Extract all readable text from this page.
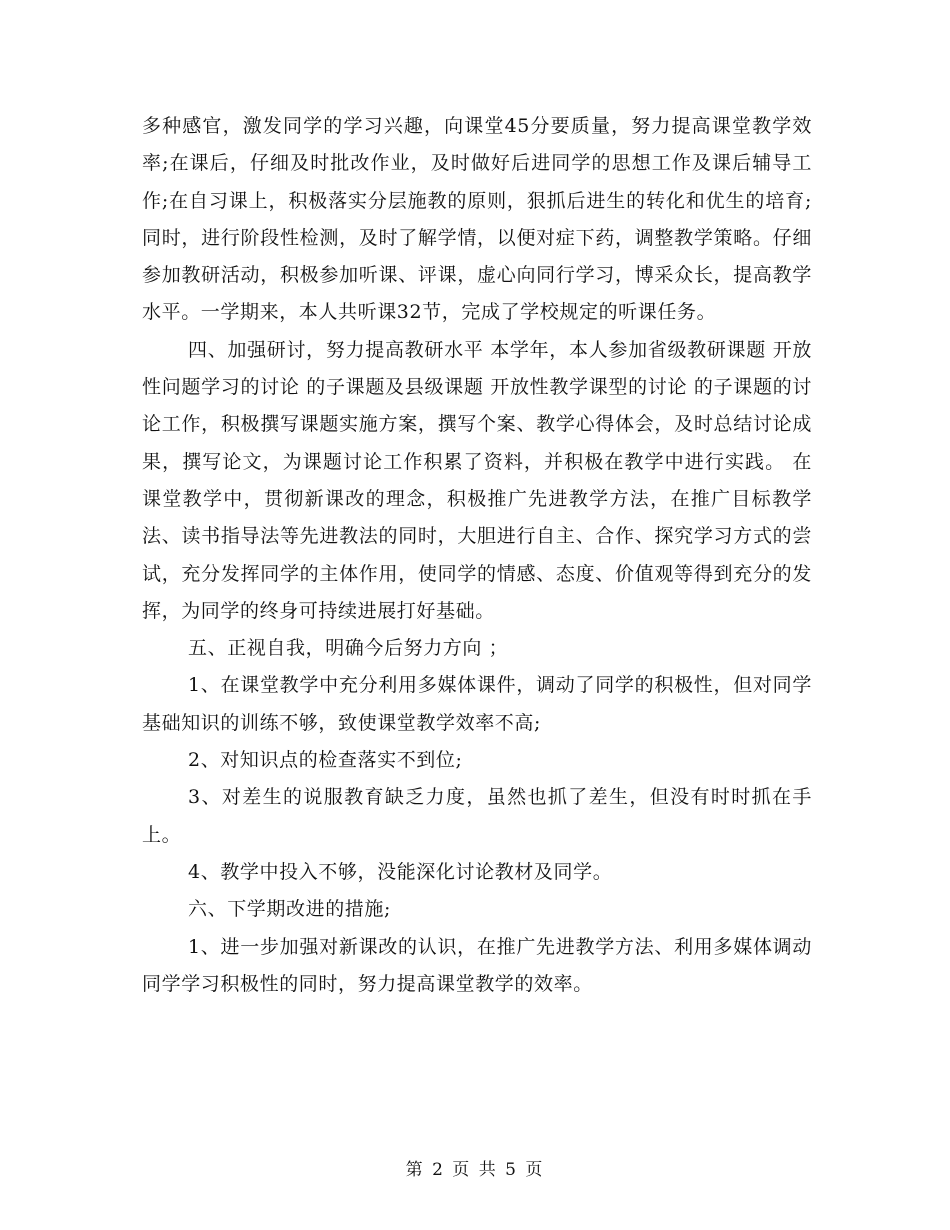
多种感官，激发同学的学习兴趣，向课堂45分要质量，努力提高课堂教学效率;在课后，仔细及时批改作业，及时做好后进同学的思想工作及课后辅导工作;在自习课上，积极落实分层施教的原则，狠抓后进生的转化和优生的培育;同时，进行阶段性检测，及时了解学情，以便对症下药，调整教学策略。仔细参加教研活动，积极参加听课、评课，虚心向同行学习，博采众长，提高教学水平。一学期来，本人共听课32节，完成了学校规定的听课任务。

四、加强研讨，努力提高教研水平 本学年，本人参加省级教研课题 开放性问题学习的讨论 的子课题及县级课题 开放性教学课型的讨论 的子课题的讨论工作，积极撰写课题实施方案，撰写个案、教学心得体会，及时总结讨论成果，撰写论文，为课题讨论工作积累了资料，并积极在教学中进行实践。 在课堂教学中，贯彻新课改的理念，积极推广先进教学方法，在推广目标教学法、读书指导法等先进教法的同时，大胆进行自主、合作、探究学习方式的尝试，充分发挥同学的主体作用，使同学的情感、态度、价值观等得到充分的发挥，为同学的终身可持续进展打好基础。

五、正视自我，明确今后努力方向 ；

1、在课堂教学中充分利用多媒体课件，调动了同学的积极性，但对同学基础知识的训练不够，致使课堂教学效率不高;

2、对知识点的检查落实不到位;

3、对差生的说服教育缺乏力度，虽然也抓了差生，但没有时时抓在手上。

4、教学中投入不够，没能深化讨论教材及同学。

六、下学期改进的措施;

1、进一步加强对新课改的认识，在推广先进教学方法、利用多媒体调动同学学习积极性的同时，努力提高课堂教学的效率。

第 2 页 共 5 页
